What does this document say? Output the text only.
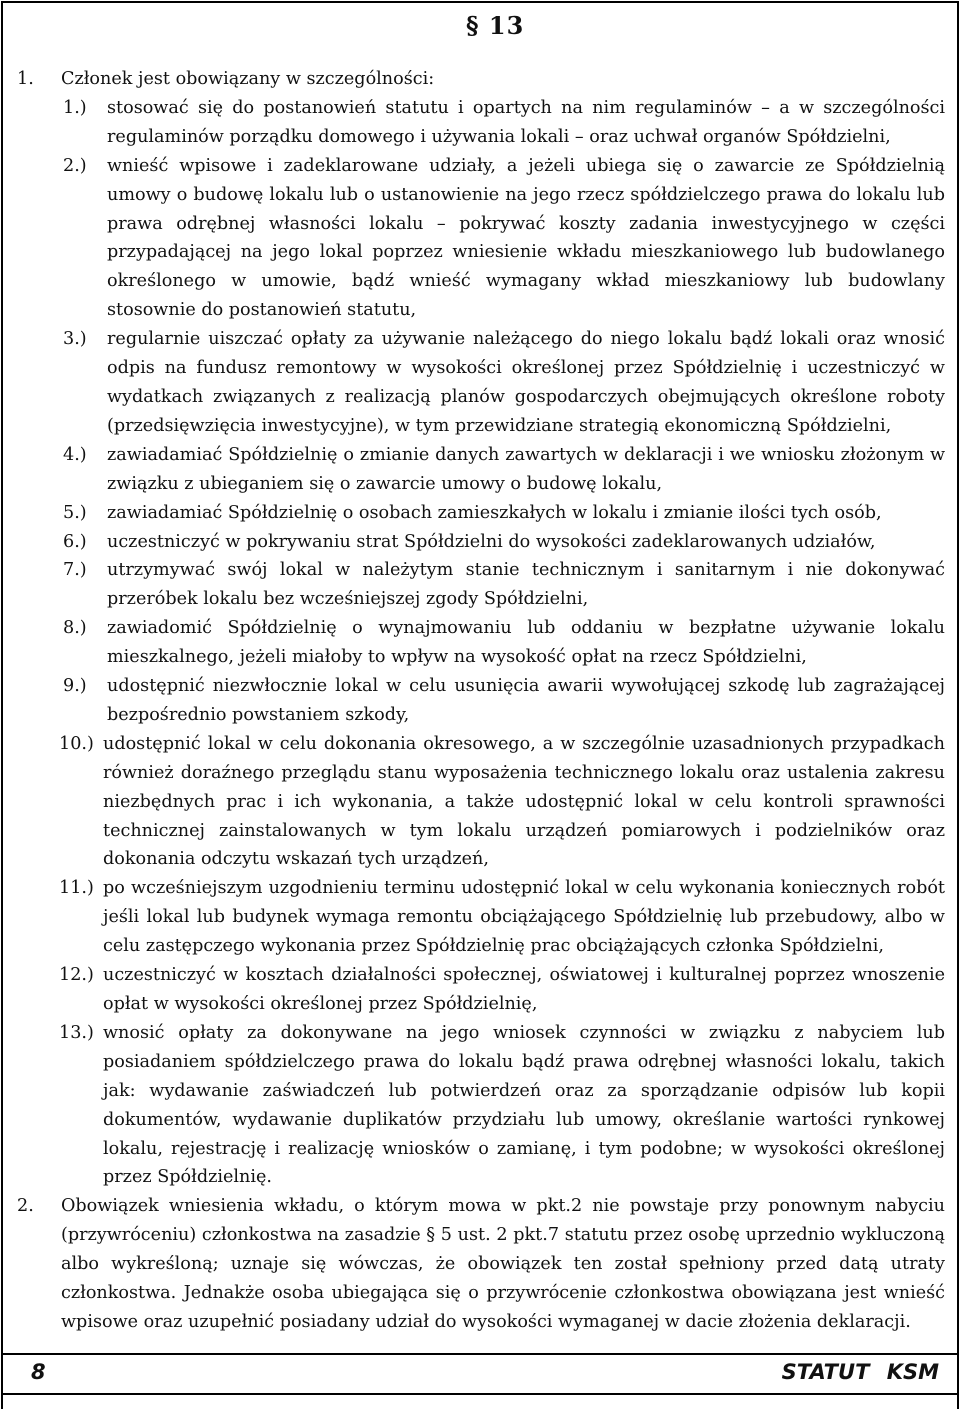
§ 13
1.	Członek jest obowiązany w szczególności:
1.)	stosować się do postanowień statutu i opartych na nim regulaminów – a w szczególności regulaminów porządku domowego i używania lokali – oraz uchwał organów Spółdzielni,
2.)	wnieść wpisowe i zadeklarowane udziały, a jeżeli ubiega się o zawarcie ze Spółdzielnią umowy o budowę lokalu lub o ustanowienie na jego rzecz spółdzielczego prawa do lokalu lub prawa odrębnej własności lokalu – pokrywać koszty zadania inwestycyjnego w części przypadającej na jego lokal poprzez wniesienie wkładu mieszkaniowego lub budowlanego określonego w umowie, bądź wnieść wymagany wkład mieszkaniowy lub budowlany stosownie do postanowień statutu,
3.)	regularnie uiszczać opłaty za używanie należącego do niego lokalu bądź lokali oraz wnosić odpis na fundusz remontowy w wysokości określonej przez Spółdzielnię i uczestniczyć w wydatkach związanych z realizacją planów gospodarczych obejmujących określone roboty (przedsięwzięcia inwestycyjne), w tym przewidziane strategią ekonomiczną Spółdzielni,
4.)	zawiadamiać Spółdzielnię o zmianie danych zawartych w deklaracji i we wniosku złożonym w związku z ubieganiem się o zawarcie umowy o budowę lokalu,
5.)	zawiadamiać Spółdzielnię o osobach zamieszkałych w lokalu i zmianie ilości tych osób,
6.)	uczestniczyć w pokrywaniu strat Spółdzielni do wysokości zadeklarowanych udziałów,
7.)	utrzymywać swój lokal w należytym stanie technicznym i sanitarnym i nie dokonywać przeróbek lokalu bez wcześniejszej zgody Spółdzielni,
8.)	zawiadomić Spółdzielnię o wynajmowaniu lub oddaniu w bezpłatne używanie lokalu mieszkalnego, jeżeli miałoby to wpływ na wysokość opłat na rzecz Spółdzielni,
9.)	udostępnić niezwłocznie lokal w celu usunięcia awarii wywołującej szkodę lub zagrażającej bezpośrednio powstaniem szkody,
10.) udostępnić lokal w celu dokonania okresowego, a w szczególnie uzasadnionych przypadkach również doraźnego przeglądu stanu wyposażenia technicznego lokalu oraz ustalenia zakresu niezbędnych prac i ich wykonania, a także udostępnić lokal w celu kontroli sprawności technicznej zainstalowanych w tym lokalu urządzeń pomiarowych i podzielników oraz dokonania odczytu wskazań tych urządzeń,
11.) po wcześniejszym uzgodnieniu terminu udostępnić lokal w celu wykonania koniecznych robót jeśli lokal lub budynek wymaga remontu obciążającego Spółdzielnię lub przebudowy, albo w celu zastępczego wykonania przez Spółdzielnię prac obciążających członka Spółdzielni,
12.) uczestniczyć w kosztach działalności społecznej, oświatowej i kulturalnej poprzez wnoszenie opłat w wysokości określonej przez Spółdzielnię,
13.) wnosić opłaty za dokonywane na jego wniosek czynności w związku z nabyciem lub posiadaniem spółdzielczego prawa do lokalu bądź prawa odrębnej własności lokalu, takich jak: wydawanie zaświadczeń lub potwierdzeń oraz za sporządzanie odpisów lub kopii dokumentów, wydawanie duplikatów przydziału lub umowy, określanie wartości rynkowej lokalu, rejestrację i realizację wniosków o zamianę, i tym podobne; w wysokości określonej przez Spółdzielnię.
2.	Obowiązek wniesienia wkładu, o którym mowa w pkt.2 nie powstaje przy ponownym nabyciu (przywróceniu) członkostwa na zasadzie § 5 ust. 2 pkt.7 statutu przez osobę uprzednio wykluczoną albo wykreśloną; uznaje się wówczas, że obowiązek ten został spełniony przed datą utraty członkostwa. Jednakże osoba ubiegająca się o przywrócenie członkostwa obowiązana jest wnieść wpisowe oraz uzupełnić posiadany udział do wysokości wymaganej w dacie złożenia deklaracji.
8	STATUT KSM
